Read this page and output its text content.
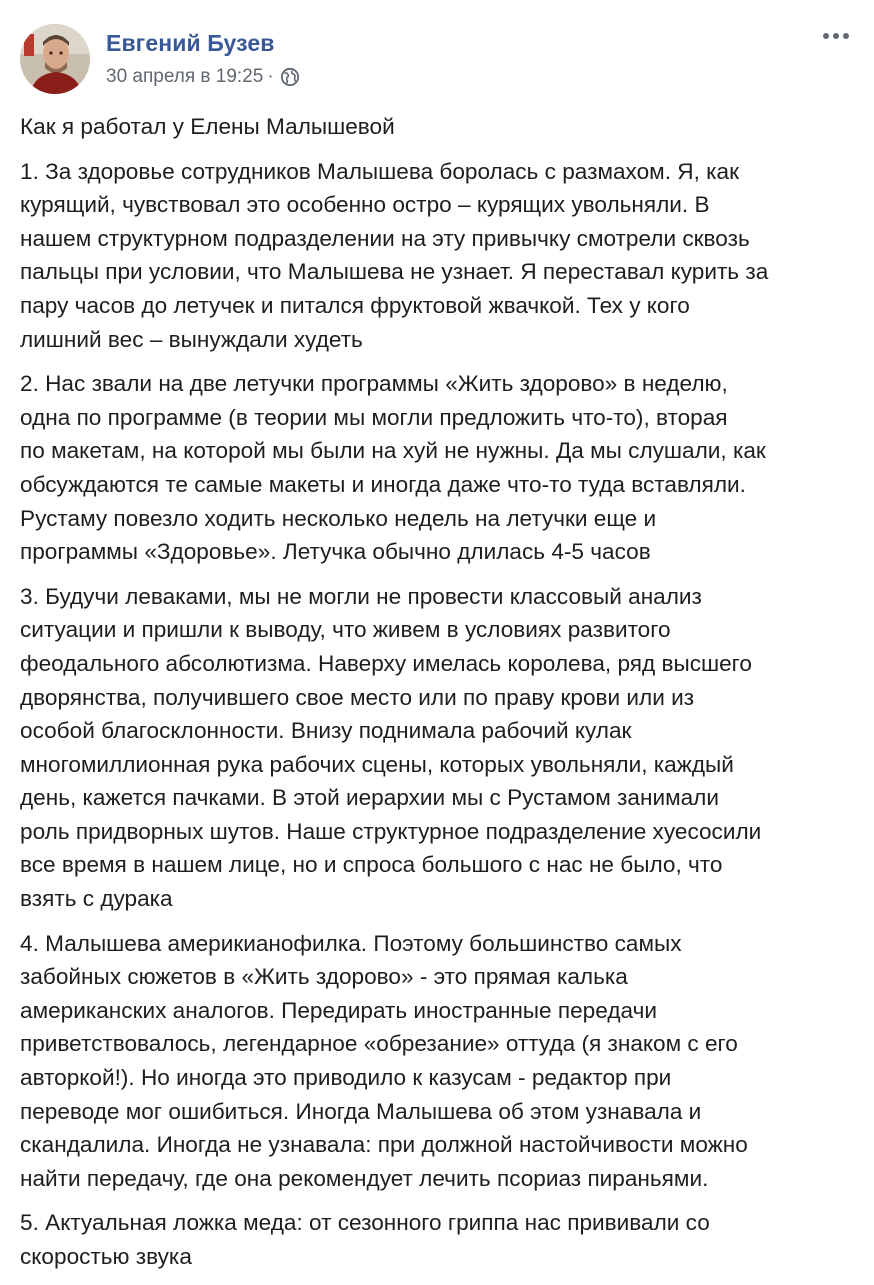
Евгений Бузев
30 апреля в 19:25 ·

Как я работал у Елены Малышевой

1. За здоровье сотрудников Малышева боролась с размахом. Я, как
курящий, чувствовал это особенно остро – курящих увольняли. В
нашем структурном подразделении на эту привычку смотрели сквозь
пальцы при условии, что Малышева не узнает. Я переставал курить за
пару часов до летучек и питался фруктовой жвачкой. Тех у кого
лишний вес – вынуждали худеть

2. Нас звали на две летучки программы «Жить здорово» в неделю,
одна по программе (в теории мы могли предложить что-то), вторая
по макетам, на которой мы были на хуй не нужны. Да мы слушали, как
обсуждаются те самые макеты и иногда даже что-то туда вставляли.
Рустаму повезло ходить несколько недель на летучки еще и
программы «Здоровье». Летучка обычно длилась 4-5 часов

3. Будучи леваками, мы не могли не провести классовый анализ
ситуации и пришли к выводу, что живем в условиях развитого
феодального абсолютизма. Наверху имелась королева, ряд высшего
дворянства, получившего свое место или по праву крови или из
особой благосклонности. Внизу поднимала рабочий кулак
многомиллионная рука рабочих сцены, которых увольняли, каждый
день, кажется пачками. В этой иерархии мы с Рустамом занимали
роль придворных шутов. Наше структурное подразделение хуесосили
все время в нашем лице, но и спроса большого с нас не было, что
взять с дурака

4. Малышева америкианофилка. Поэтому большинство самых
забойных сюжетов в «Жить здорово» - это прямая калька
американских аналогов. Передирать иностранные передачи
приветствовалось, легендарное «обрезание» оттуда (я знаком с его
авторкой!). Но иногда это приводило к казусам - редактор при
переводе мог ошибиться. Иногда Малышева об этом узнавала и
скандалила. Иногда не узнавала: при должной настойчивости можно
найти передачу, где она рекомендует лечить псориаз пираньями.

5. Актуальная ложка меда: от сезонного гриппа нас прививали со
скоростью звука
